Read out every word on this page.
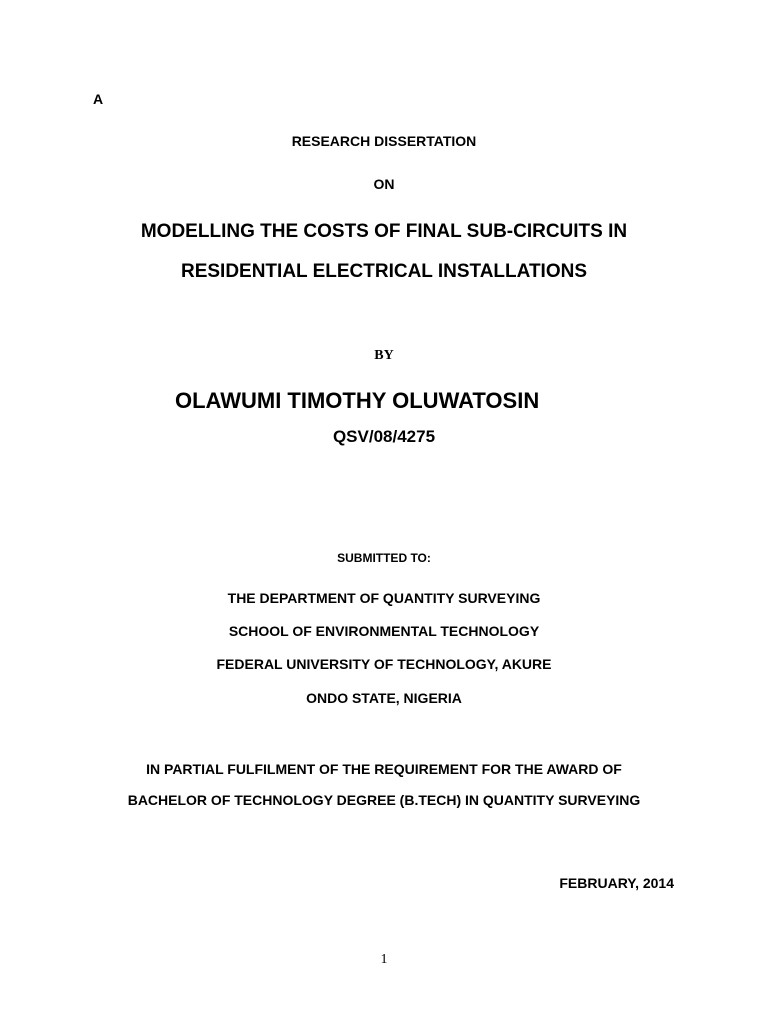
A
RESEARCH DISSERTATION
ON
MODELLING THE COSTS OF FINAL SUB-CIRCUITS IN
RESIDENTIAL ELECTRICAL INSTALLATIONS
BY
OLAWUMI TIMOTHY OLUWATOSIN
QSV/08/4275
SUBMITTED TO:
THE DEPARTMENT OF QUANTITY SURVEYING
SCHOOL OF ENVIRONMENTAL TECHNOLOGY
FEDERAL UNIVERSITY OF TECHNOLOGY, AKURE
ONDO STATE, NIGERIA
IN PARTIAL FULFILMENT OF THE REQUIREMENT FOR THE AWARD OF
BACHELOR OF TECHNOLOGY DEGREE (B.TECH) IN QUANTITY SURVEYING
FEBRUARY, 2014
1
